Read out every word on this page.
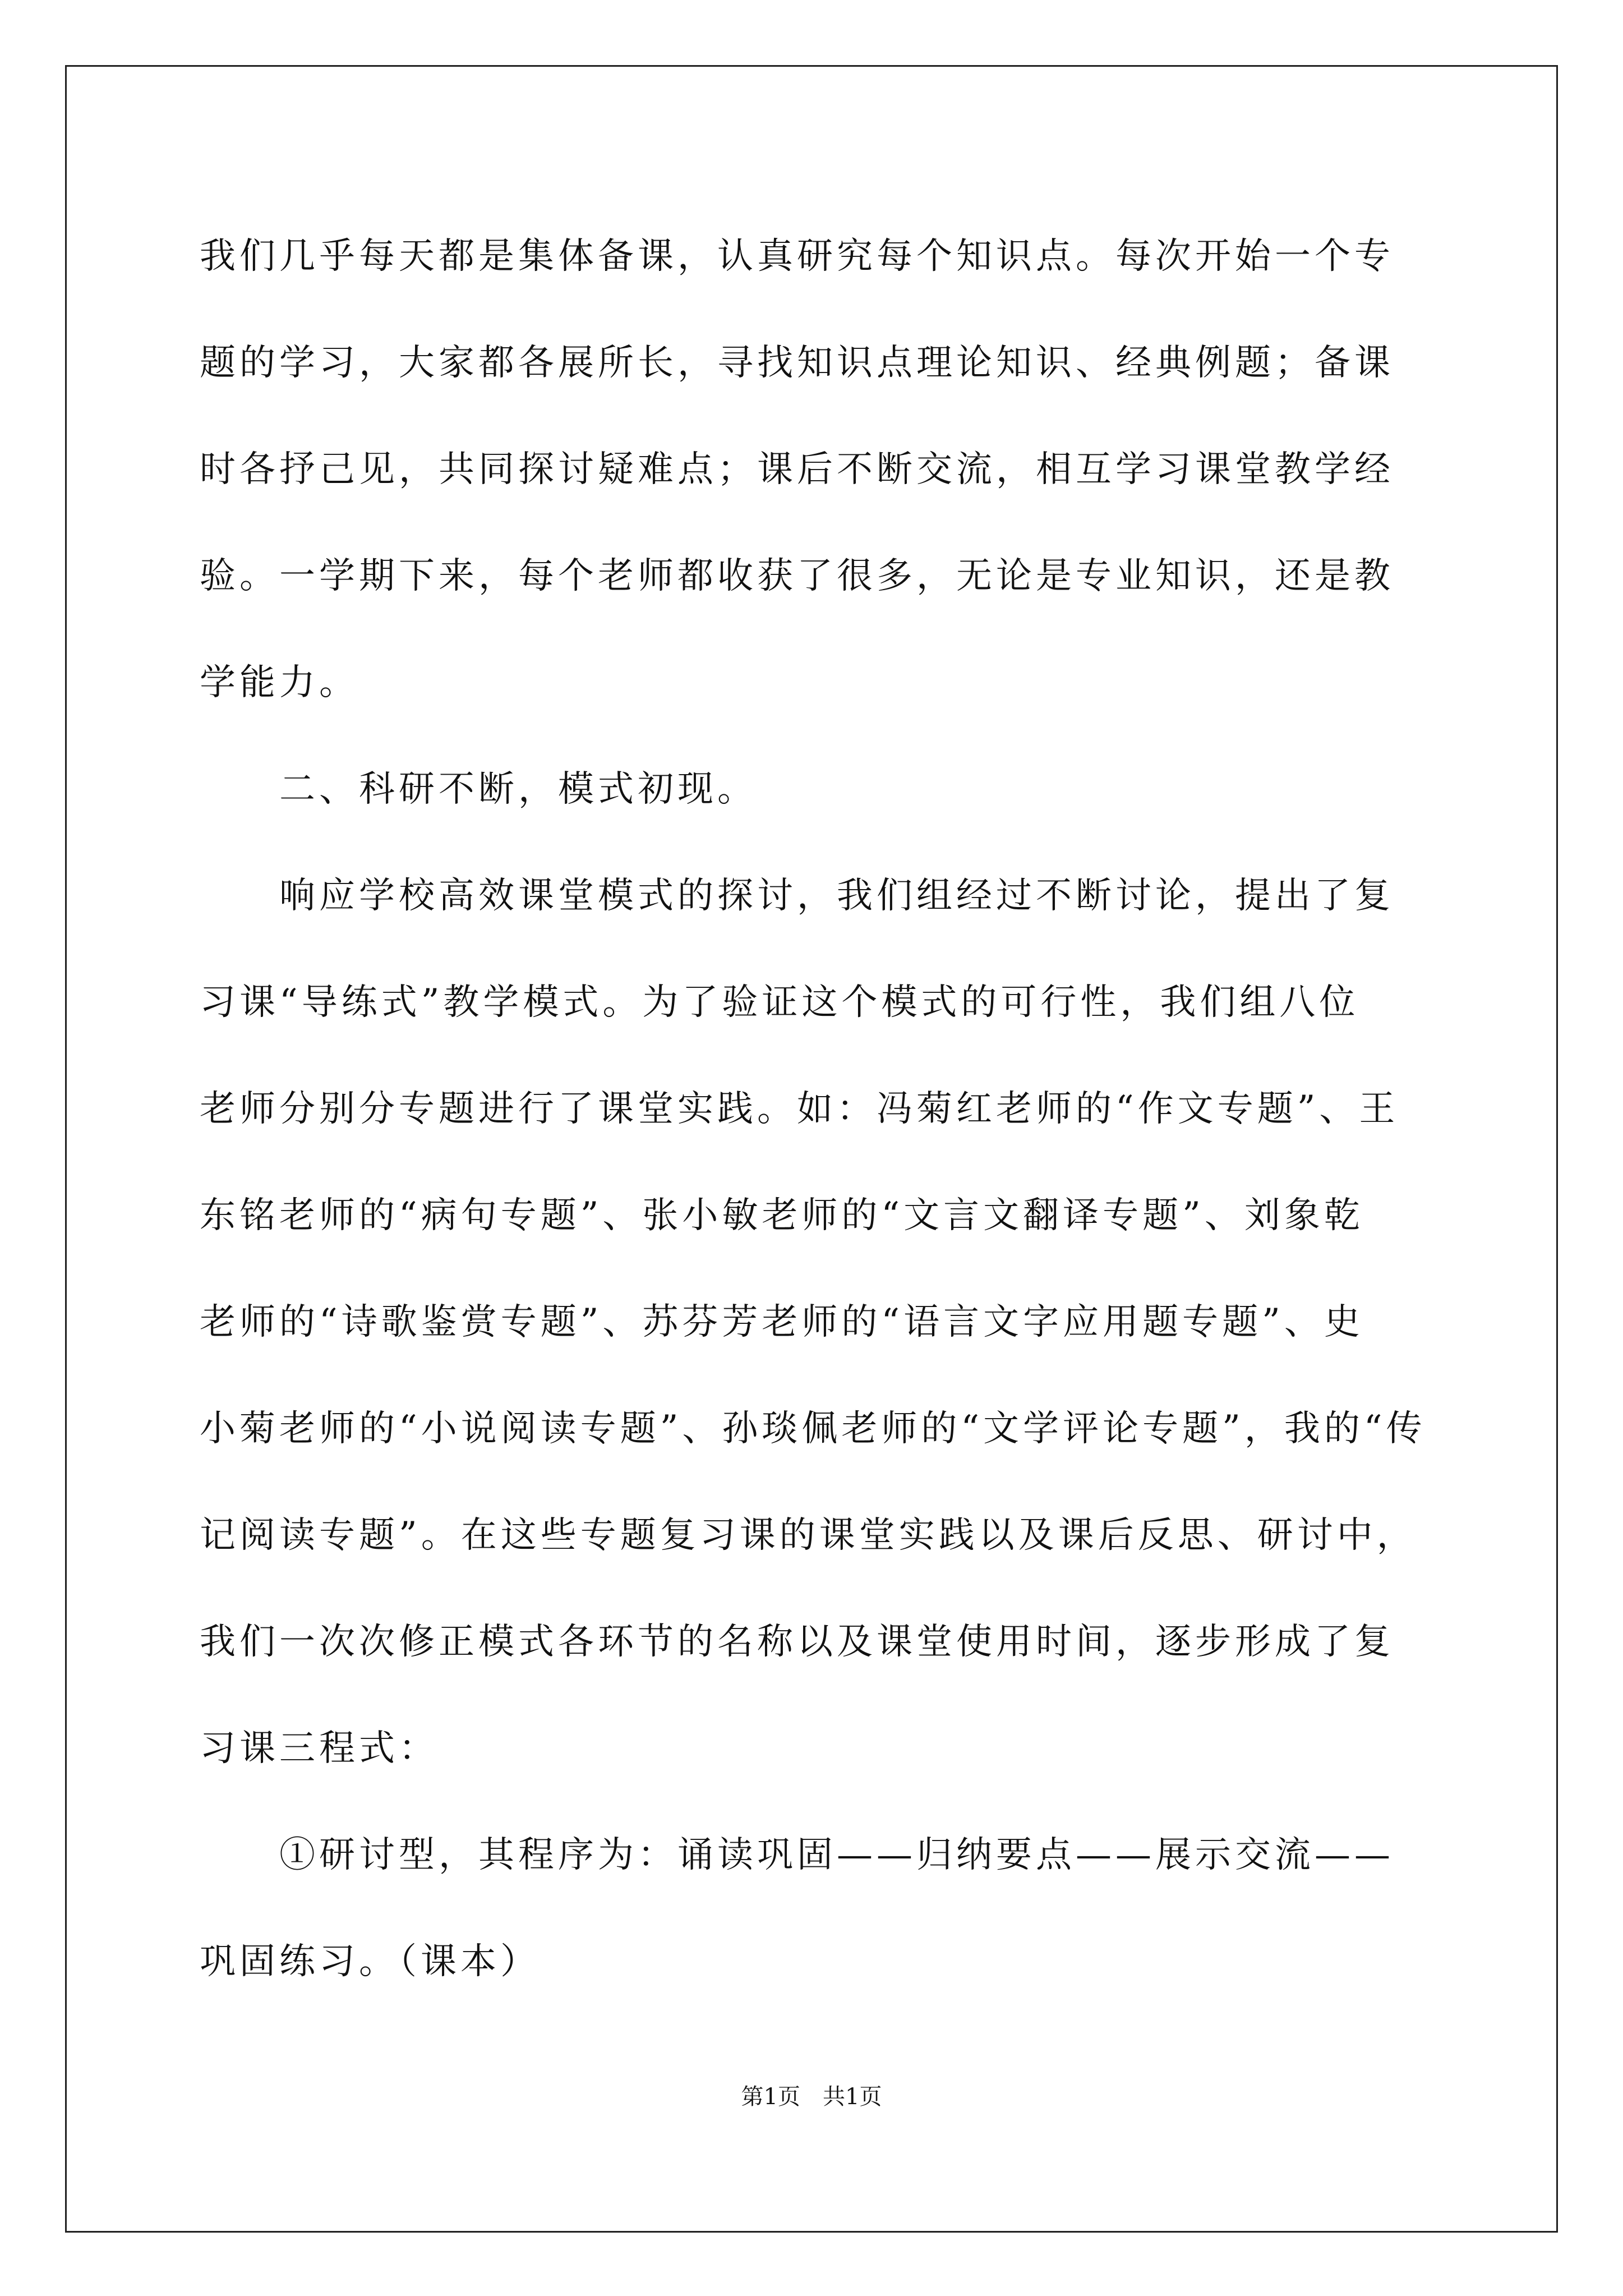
我们几乎每天都是集体备课，认真研究每个知识点。每次开始一个专
题的学习，大家都各展所长，寻找知识点理论知识、经典例题；备课
时各抒己见，共同探讨疑难点；课后不断交流，相互学习课堂教学经
验。一学期下来，每个老师都收获了很多，无论是专业知识，还是教
学能力。
　　二、科研不断，模式初现。
　　响应学校高效课堂模式的探讨，我们组经过不断讨论，提出了复
习课“导练式”教学模式。为了验证这个模式的可行性，我们组八位
老师分别分专题进行了课堂实践。如：冯菊红老师的“作文专题”、王
东铭老师的“病句专题”、张小敏老师的“文言文翻译专题”、刘象乾
老师的“诗歌鉴赏专题”、苏芬芳老师的“语言文字应用题专题”、史
小菊老师的“小说阅读专题”、孙琰佩老师的“文学评论专题”，我的“传
记阅读专题”。在这些专题复习课的课堂实践以及课后反思、研讨中，
我们一次次修正模式各环节的名称以及课堂使用时间，逐步形成了复
习课三程式：
　　①研讨型，其程序为：诵读巩固——归纳要点——展示交流——
巩固练习。（课本）
第1页　共1页
